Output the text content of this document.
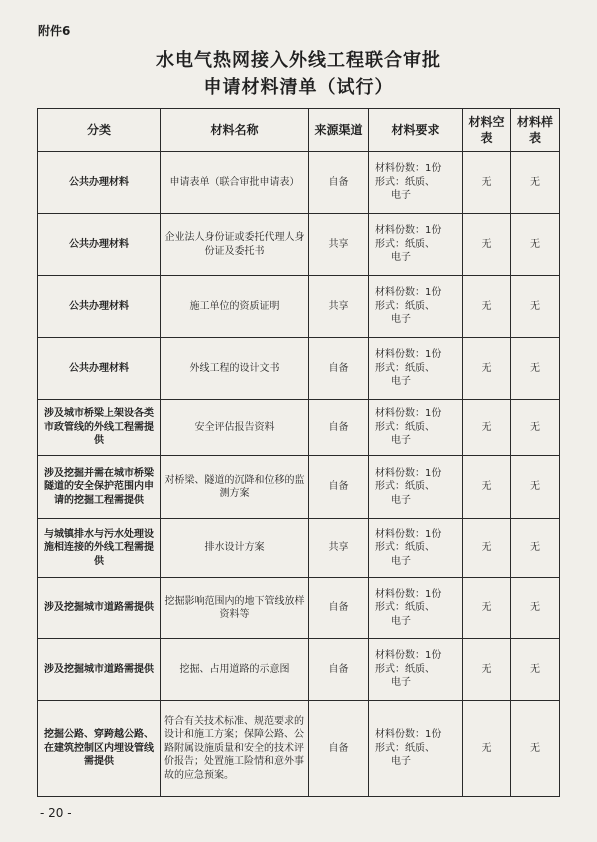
附件6

水电气热网接入外线工程联合审批
申请材料清单（试行）
分类	材料名称	来源渠道	材料要求	材料空表	材料样表
公共办理材料	申请表单（联合审批申请表）	自备	材料份数：1份
形式：纸质、
电子	无	无
公共办理材料	企业法人身份证或委托代理人身份证及委托书	共享	材料份数：1份
形式：纸质、
电子	无	无
公共办理材料	施工单位的资质证明	共享	材料份数：1份
形式：纸质、
电子	无	无
公共办理材料	外线工程的设计文书	自备	材料份数：1份
形式：纸质、
电子	无	无
涉及城市桥梁上架设各类市政管线的外线工程需提供	安全评估报告资料	自备	材料份数：1份
形式：纸质、
电子	无	无
涉及挖掘并需在城市桥梁隧道的安全保护范围内申请的挖掘工程需提供	对桥梁、隧道的沉降和位移的监测方案	自备	材料份数：1份
形式：纸质、
电子	无	无
与城镇排水与污水处理设施相连接的外线工程需提供	排水设计方案	共享	材料份数：1份
形式：纸质、
电子	无	无
涉及挖掘城市道路需提供	挖掘影响范围内的地下管线放样资料等	自备	材料份数：1份
形式：纸质、
电子	无	无
涉及挖掘城市道路需提供	挖掘、占用道路的示意图	自备	材料份数：1份
形式：纸质、
电子	无	无
挖掘公路、穿跨越公路、在建筑控制区内埋设管线需提供	符合有关技术标准、规范要求的设计和施工方案；保障公路、公路附属设施质量和安全的技术评价报告；处置施工险情和意外事故的应急预案。	自备	材料份数：1份
形式：纸质、
电子	无	无

- 20 -
